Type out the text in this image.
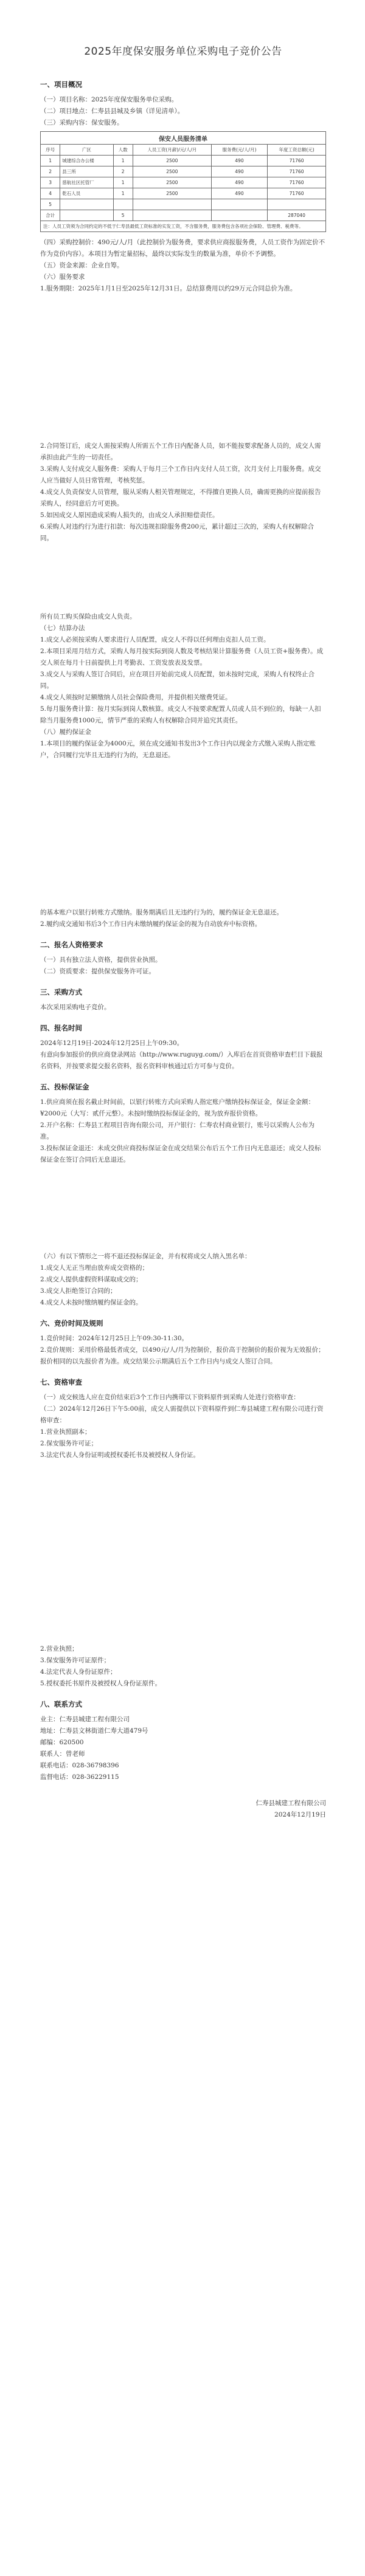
2025年度保安服务单位采购电子竞价公告
一、项目概况

（一）项目名称：2025年度保安服务单位采购。

（二）项目地点：仁寿县县城及乡镇（详见清单）。

（三）采购内容：保安服务。

保安人员服务清单					
序号	广区	人数	人员工资(月薪)/元/人/月	服务费(元/人/月)	年度工资总额(元)
1	城建综合办公楼	1	2500	490	71760
2	县三所	2	2500	490	71760
3	慈航社区托管厂	1	2500	490	71760
4	乾石人员	1	2500	490	71760
5					
合计		5			287040
注：人员工资须为合同约定的不低于仁寿县最低工资标准的实发工资，不含服务费，服务费包含各项社会保险、管理费、税费等。					

（四）采购控制价：490元/人/月（此控制价为服务费，要求供应商报服务费，人员工资作为固定价不作为竞价内容）。本项目为暂定量招标，最终以实际发生的数量为准，单价不予调整。

（五）资金来源：企业自筹。

（六）服务要求

1.服务期限：2025年1月1日至2025年12月31日。总结算费用以约29万元合同总价为准。

2.合同签订后，成交人需按采购人所需五个工作日内配备人员，如不能按要求配备人员的，成交人需承担由此产生的一切责任。

3.采购人支付成交人服务费：采购人于每月三个工作日内支付人员工资，次月支付上月服务费。成交人应当做好人员日常管理，考核奖惩。

4.成交人负责保安人员管理，服从采购人相关管理规定，不得擅自更换人员，确需更换的应提前报告采购人，经同意后方可更换。

5.如因成交人原因造成采购人损失的，由成交人承担赔偿责任。

6.采购人对违约行为进行扣款：每次违规扣除服务费200元，累计超过三次的，采购人有权解除合同。

所有员工购买保险由成交人负责。

（七）结算办法

1.成交人必须按采购人要求进行人员配置，成交人不得以任何理由克扣人员工资。

2.本项目采用月结方式，采购人每月按实际到岗人数及考核结果计算服务费（人员工资+服务费）。成交人须在每月十日前提供上月考勤表、工资发放表及发票。

3.成交人与采购人签订合同后，应在项目开始前完成人员配置，如未按时完成，采购人有权终止合同。

4.成交人须按时足额缴纳人员社会保险费用，并提供相关缴费凭证。

5.每月服务费计算：按月实际到岗人数核算。成交人不按要求配置人员或人员不到位的，每缺一人扣除当月服务费1000元，情节严重的采购人有权解除合同并追究其责任。

（八）履约保证金

1.本项目的履约保证金为4000元，须在成交通知书发出3个工作日内以现金方式缴入采购人指定账户，合同履行完毕且无违约行为的，无息退还。

的基本账户以银行转账方式缴纳。服务期满后且无违约行为的，履约保证金无息退还。

2.履约成交通知书后3个工作日内未缴纳履约保证金的视为自动放弃中标资格。

二、报名人资格要求

（一）具有独立法人资格，提供营业执照。

（二）资质要求：提供保安服务许可证。

三、采购方式

本次采用采购电子竞价。

四、报名时间

2024年12月19日-2024年12月25日上午09:30。

有意向参加报价的供应商登录网站（http://www.ruguyg.com/）入库后在首页资格审查栏目下载报名资料，并按要求提交报名资料，报名资料审核通过后方可参与竞价。

五、投标保证金

1.供应商须在报名截止时间前，以银行转账方式向采购人指定账户缴纳投标保证金，保证金金额：¥2000元（大写：贰仟元整）。未按时缴纳投标保证金的，视为放弃报价资格。

2.开户名称：仁寿县工程项目咨询有限公司，开户银行：仁寿农村商业银行，账号以采购人公布为准。

3.投标保证金退还：未成交供应商投标保证金在成交结果公布后五个工作日内无息退还；成交人投标保证金在签订合同后无息退还。

（六）有以下情形之一将不退还投标保证金，并有权将成交人纳入黑名单：

1.成交人无正当理由放弃成交资格的；

2.成交人提供虚假资料谋取成交的；

3.成交人拒绝签订合同的；

4.成交人未按时缴纳履约保证金的。

六、竞价时间及规则

1.竞价时间：2024年12月25日上午09:30-11:30。

2.竞价规则：采用价格最低者成交，以490元/人/月为控制价，报价高于控制价的报价视为无效报价；报价相同的以先报价者为准。成交结果公示期满后五个工作日内与成交人签订合同。

七、资格审查

（一）成交候选人应在竞价结束后3个工作日内携带以下资料原件到采购人处进行资格审查：

（二）2024年12月26日下午5:00前，成交人需提供以下资料原件到仁寿县城建工程有限公司进行资格审查：

1.营业执照副本；

2.保安服务许可证；

3.法定代表人身份证明或授权委托书及被授权人身份证。

2.营业执照；

3.保安服务许可证原件；

4.法定代表人身份证原件；

5.授权委托书原件及被授权人身份证原件。

八、联系方式

业主：仁寿县城建工程有限公司

地址：仁寿县文林街道仁寿大道479号

邮编：620500

联系人：曾老师

联系电话：028-36798396

监督电话：028-36229115

仁寿县城建工程有限公司

2024年12月19日
